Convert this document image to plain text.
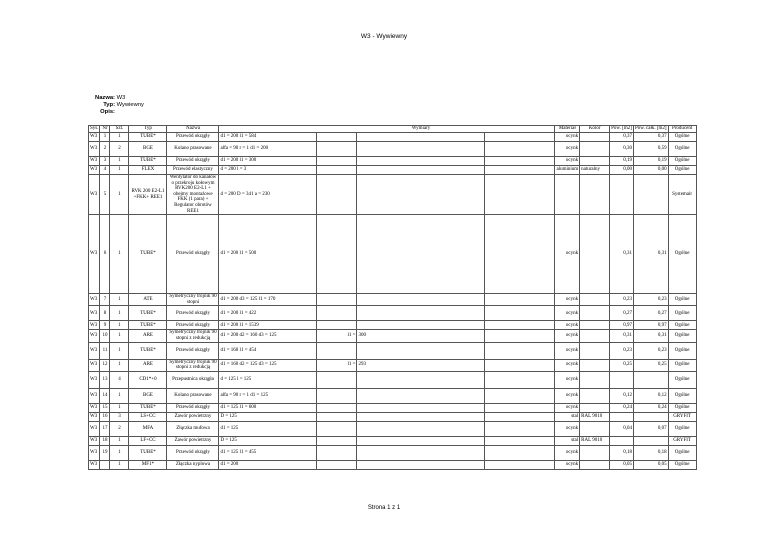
W3 - Wywiewny
Nazwa: W3
Typ: Wywiewny
Opis:
Sys.	Nr	Szt.	Typ	Nazwa			Wymiary		Materiał	Kolor	Pow. [m2]	Pow. całk. [m2]	Producent
W3	1	1	TUBE*	Przewód okrągły	d1 = 200 l1 = 584				ocynk		0,37	0,37	Ogólne
W3	2	2	BGE	Kolano prasowane	alfa = 90 r = 1 d1 = 200				ocynk		0,30	0,59	Ogólne
W3	3	1	TUBE*	Przewód okrągły	d1 = 200 l1 = 300				ocynk		0,19	0,19	Ogólne
W3	4	1	FLEX	Przewód elastyczny	d = 200 l = 3				aluminium	naturalny	0,00	0,00	Ogólne
W3	5	1	RVK 200 E2-L1 +FKK+ REE1	Wentylator do kanałów o przekroju kołowym RVK200 E2-L1 + obejmy montażowe FKK (1 para) + Regulator obrotów REE1	d = 200 D = 341 a = 230								Systemair
W3	6	1	TUBE*	Przewód okrągły	d1 = 200 l1 = 500				ocynk		0,31	0,31	Ogólne
W3	7	1	ATE	Symetryczny trójnik 90 stopni	d1 = 200 d3 = 125 l1 = 170				ocynk		0,23	0,23	Ogólne
W3	8	1	TUBE*	Przewód okrągły	d1 = 200 l1 = 422				ocynk		0,27	0,27	Ogólne
W3	9	1	TUBE*	Przewód okrągły	d1 = 200 l1 = 1539				ocynk		0,97	0,97	Ogólne
W3	10	1	ARE	Symetryczny trójnik 90 stopni z redukcją	d1 = 200 d2 = 160 d3 = 125	l1 =	300		ocynk		0,31	0,31	Ogólne
W3	11	1	TUBE*	Przewód okrągły	d1 = 160 l1 = 454				ocynk		0,23	0,23	Ogólne
W3	12	1	ARE	Symetryczny trójnik 90 stopni z redukcją	d1 = 160 d2 = 125 d3 = 125	l1 =	293		ocynk		0,25	0,25	Ogólne
W3	13	4	CD1*+0	Przepustnica okrągła	d = 125 l = 125				ocynk				Ogólne
W3	14	1	BGE	Kolano prasowane	alfa = 90 r = 1 d1 = 125				ocynk		0,12	0,12	Ogólne
W3	15	1	TUBE*	Przewód okrągły	d1 = 125 l1 = 600				ocynk		0,24	0,24	Ogólne
W3	16	3	LS+CC	Zawór powietrzny	D = 125				stal	RAL 9010			GRYFIT
W3	17	2	MFA	Złączka mufowa	d1 = 125				ocynk		0,04	0,07	Ogólne
W3	18	1	LF+CC	Zawór powietrzny	D = 125				stal	RAL 9010			GRYFIT
W3	19	1	TUBE*	Przewód okrągły	d1 = 125 l1 = 455				ocynk		0,18	0,18	Ogólne
W3		1	MF1*	Złączka nyplowa	d1 = 200				ocynk		0,05	0,05	Ogólne
Strona 1 z 1
